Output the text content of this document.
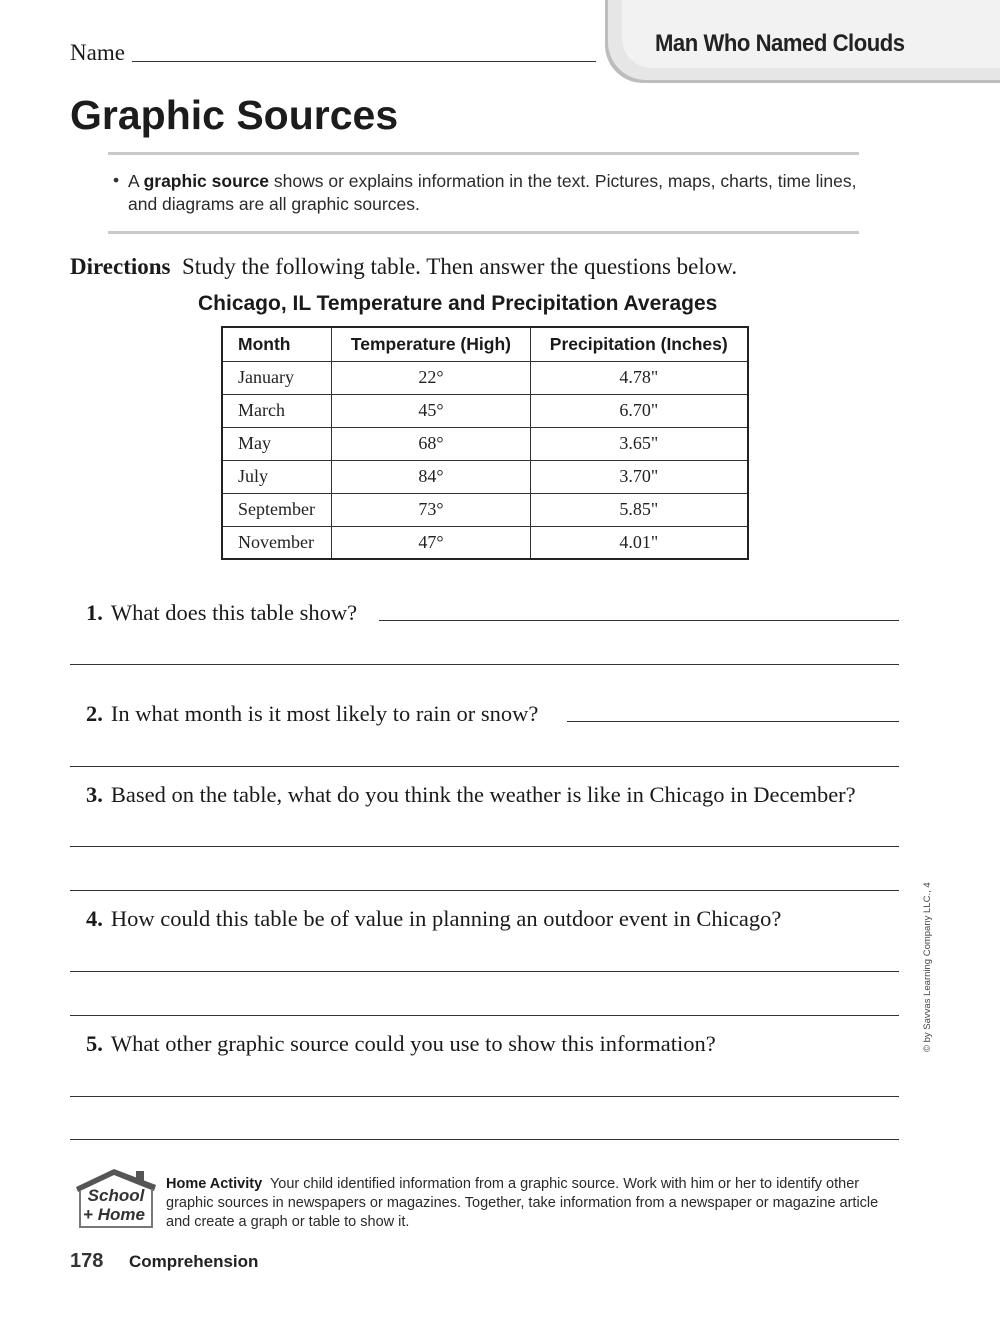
Man Who Named Clouds
Name
Graphic Sources
• A graphic source shows or explains information in the text. Pictures, maps, charts, time lines, and diagrams are all graphic sources.
Directions Study the following table. Then answer the questions below.
Chicago, IL Temperature and Precipitation Averages
Month	Temperature (High)	Precipitation (Inches)
January	22°	4.78"
March	45°	6.70"
May	68°	3.65"
July	84°	3.70"
September	73°	5.85"
November	47°	4.01"
1. What does this table show?
2. In what month is it most likely to rain or snow?
3. Based on the table, what do you think the weather is like in Chicago in December?
4. How could this table be of value in planning an outdoor event in Chicago?
5. What other graphic source could you use to show this information?	© by Savvas Learning Company LLC., 4
School
+ Home
Home Activity Your child identified information from a graphic source. Work with him or her to identify other graphic sources in newspapers or magazines. Together, take information from a newspaper or magazine article and create a graph or table to show it.
178 Comprehension
